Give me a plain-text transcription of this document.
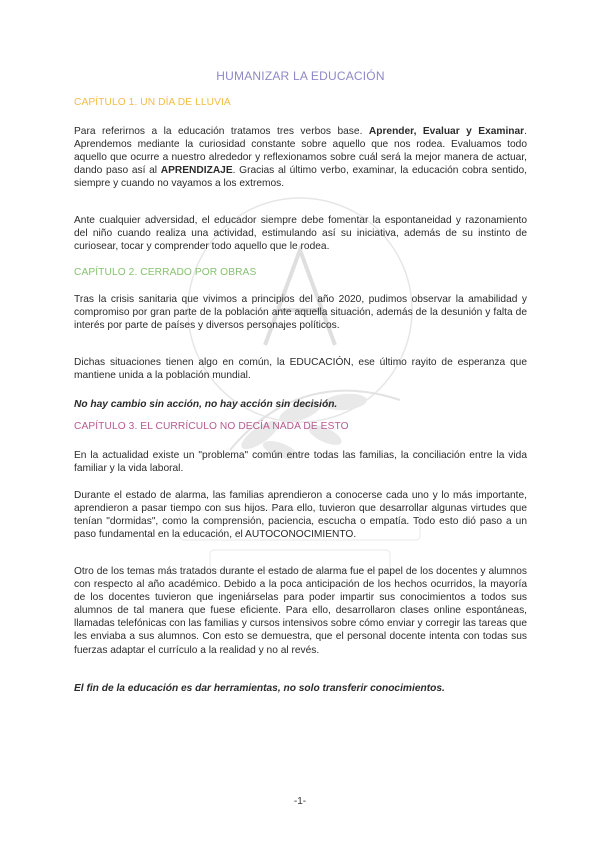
HUMANIZAR LA EDUCACIÓN
CAPÍTULO 1. UN DÍA DE LLUVIA

Para referirnos a la educación tratamos tres verbos base. Aprender, Evaluar y Examinar. Aprendemos mediante la curiosidad constante sobre aquello que nos rodea. Evaluamos todo aquello que ocurre a nuestro alrededor y reflexionamos sobre cuál será la mejor manera de actuar, dando paso así al APRENDIZAJE. Gracias al último verbo, examinar, la educación cobra sentido, siempre y cuando no vayamos a los extremos.

Ante cualquier adversidad, el educador siempre debe fomentar la espontaneidad y razonamiento del niño cuando realiza una actividad, estimulando así su iniciativa, además de su instinto de curiosear, tocar y comprender todo aquello que le rodea.

CAPÍTULO 2. CERRADO POR OBRAS

Tras la crisis sanitaria que vivimos a principios del año 2020, pudimos observar la amabilidad y compromiso por gran parte de la población ante aquella situación, además de la desunión y falta de interés por parte de países y diversos personajes políticos.

Dichas situaciones tienen algo en común, la EDUCACIÓN, ese último rayito de esperanza que mantiene unida a la población mundial.

No hay cambio sin acción, no hay acción sin decisión.

CAPÍTULO 3. EL CURRÍCULO NO DECÍA NADA DE ESTO

En la actualidad existe un "problema" común entre todas las familias, la conciliación entre la vida familiar y la vida laboral.

Durante el estado de alarma, las familias aprendieron a conocerse cada uno y lo más importante, aprendieron a pasar tiempo con sus hijos. Para ello, tuvieron que desarrollar algunas virtudes que tenían "dormidas", como la comprensión, paciencia, escucha o empatía. Todo esto dió paso a un paso fundamental en la educación, el AUTOCONOCIMIENTO.

Otro de los temas más tratados durante el estado de alarma fue el papel de los docentes y alumnos con respecto al año académico. Debido a la poca anticipación de los hechos ocurridos, la mayoría de los docentes tuvieron que ingeniárselas para poder impartir sus conocimientos a todos sus alumnos de tal manera que fuese eficiente. Para ello, desarrollaron clases online espontáneas, llamadas telefónicas con las familias y cursos intensivos sobre cómo enviar y corregir las tareas que les enviaba a sus alumnos. Con esto se demuestra, que el personal docente intenta con todas sus fuerzas adaptar el currículo a la realidad y no al revés.

El fin de la educación es dar herramientas, no solo transferir conocimientos.

-1-
